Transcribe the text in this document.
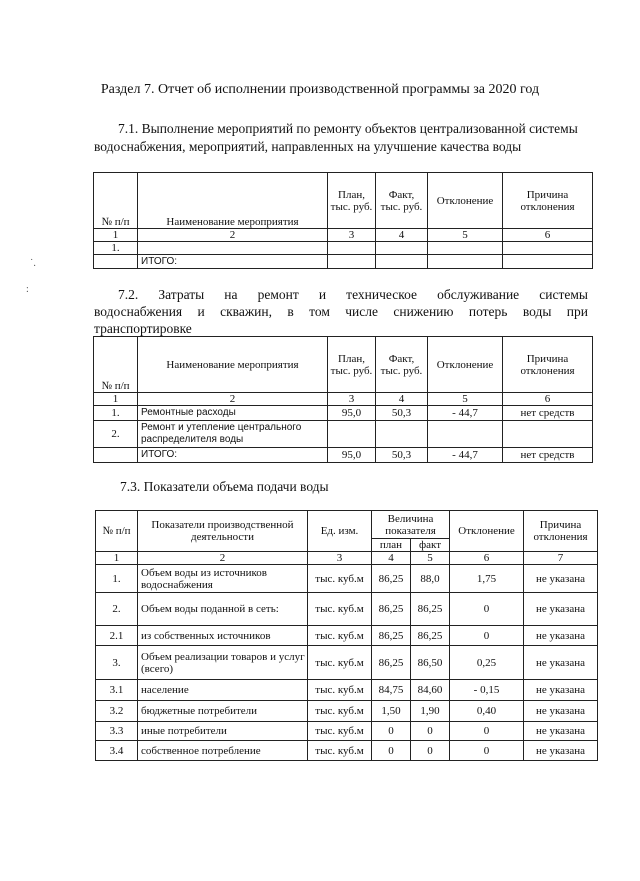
Раздел 7. Отчет об исполнении производственной программы за 2020 год
7.1. Выполнение мероприятий по ремонту объектов централизованной системы
водоснабжения, мероприятий, направленных на улучшение качества воды
№ п/п	Наименование мероприятия	План, тыс. руб.	Факт, тыс. руб.	Отклонение	Причина отклонения
1	2	3	4	5	6
1.					
	ИТОГО:				
˙.
:	7.2. Затраты на ремонт и техническое обслуживание системы
водоснабжения и скважин, в том числе снижению потерь воды при
транспортировке
№ п/п	Наименование мероприятия	План, тыс. руб.	Факт, тыс. руб.	Отклонение	Причина отклонения
1	2	3	4	5	6
1.	Ремонтные расходы	95,0	50,3	- 44,7	нет средств
2.	Ремонт и утепление центрального распределителя воды				
	ИТОГО:	95,0	50,3	- 44,7	нет средств
7.3. Показатели объема подачи воды
№ п/п	Показатели производственной деятельности	Ед. изм.	Величина показателя		Отклонение	Причина отклонения
			план	факт		
1	2	3	4	5	6	7
1.	Объем воды из источников водоснабжения	тыс. куб.м	86,25	88,0	1,75	не указана
2.	Объем воды поданной в сеть:	тыс. куб.м	86,25	86,25	0	не указана
2.1	из собственных источников	тыс. куб.м	86,25	86,25	0	не указана
3.	Объем реализации товаров и услуг (всего)	тыс. куб.м	86,25	86,50	0,25	не указана
3.1	население	тыс. куб.м	84,75	84,60	- 0,15	не указана
3.2	бюджетные потребители	тыс. куб.м	1,50	1,90	0,40	не указана
3.3	иные потребители	тыс. куб.м	0	0	0	не указана
3.4	собственное потребление	тыс. куб.м	0	0	0	не указана
